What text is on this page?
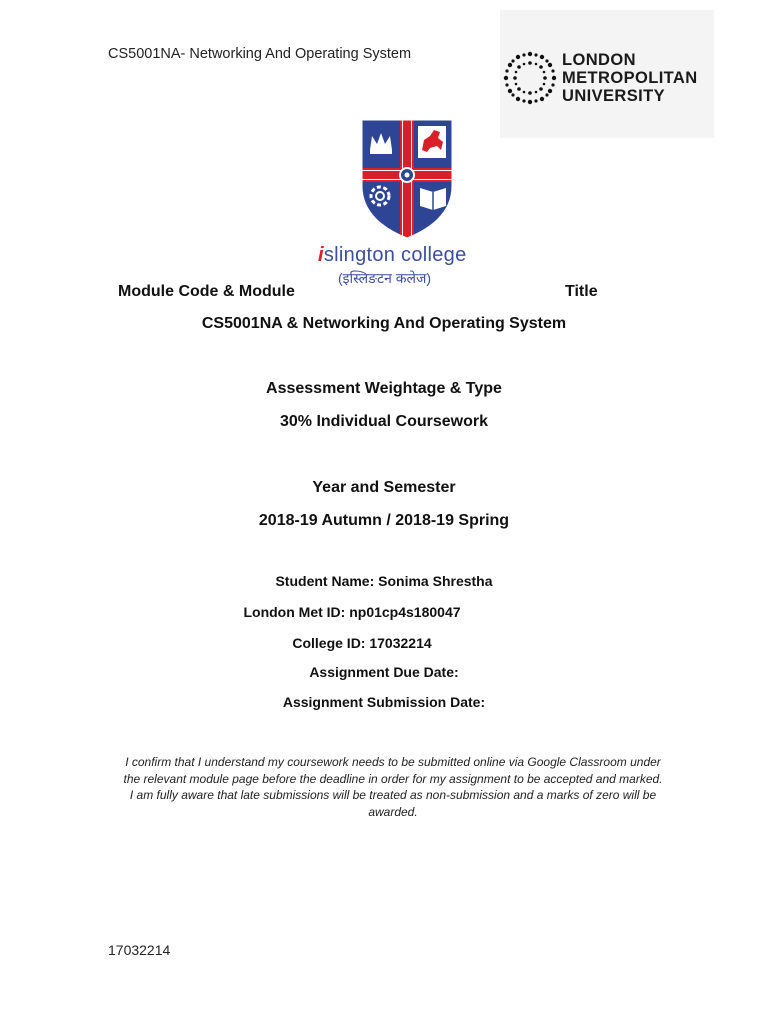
CS5001NA- Networking And Operating System	LONDON
METROPOLITAN
UNIVERSITY
islington college
(इस्लिङटन कलेज)
Module Code & Module	Title
CS5001NA & Networking And Operating System
Assessment Weightage & Type
30% Individual Coursework
Year and Semester
2018-19 Autumn / 2018-19 Spring
Student Name: Sonima Shrestha
London Met ID: np01cp4s180047
College ID: 17032214
Assignment Due Date:
Assignment Submission Date:
I confirm that I understand my coursework needs to be submitted online via Google Classroom under
the relevant module page before the deadline in order for my assignment to be accepted and marked.
I am fully aware that late submissions will be treated as non-submission and a marks of zero will be
awarded.
17032214
